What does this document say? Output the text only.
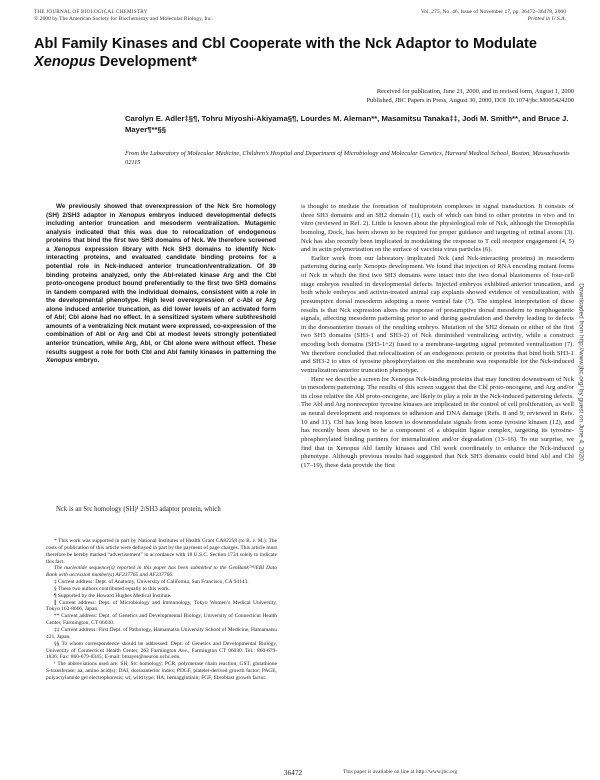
THE JOURNAL OF BIOLOGICAL CHEMISTRY
© 2000 by The American Society for Biochemistry and Molecular Biology, Inc.
Vol. 275, No. 46, Issue of November 17, pp. 36472–36478, 2000
Printed in U.S.A.
Abl Family Kinases and Cbl Cooperate with the Nck Adaptor to Modulate Xenopus Development*
Received for publication, June 21, 2000, and in revised form, August 1, 2000
Published, JBC Papers in Press, August 30, 2000, DOI 10.1074/jbc.M005424200
Carolyn E. Adler‡§¶, Tohru Miyoshi-Akiyama§¶, Lourdes M. Aleman**, Masamitsu Tanaka‡‡, Jodi M. Smith**, and Bruce J. Mayer¶**§§
From the Laboratory of Molecular Medicine, Children’s Hospital and Department of Microbiology and Molecular Genetics, Harvard Medical School, Boston, Massachusetts 02115
We previously showed that overexpression of the Nck Src homology (SH) 2/SH3 adaptor in Xenopus embryos induced developmental defects including anterior truncation and mesoderm ventralization. Mutagenic analysis indicated that this was due to relocalization of endogenous proteins that bind the first two SH3 domains of Nck. We therefore screened a Xenopus expression library with Nck SH3 domains to identify Nck-interacting proteins, and evaluated candidate binding proteins for a potential role in Nck-induced anterior truncation/ventralization. Of 39 binding proteins analyzed, only the Abl-related kinase Arg and the Cbl proto-oncogene product bound preferentially to the first two SH3 domains in tandem compared with the individual domains, consistent with a role in the developmental phenotype. High level overexpression of c-Abl or Arg alone induced anterior truncation, as did lower levels of an activated form of Abl; Cbl alone had no effect. In a sensitized system where subthreshold amounts of a ventralizing Nck mutant were expressed, co-expression of the combination of Abl or Arg and Cbl at modest levels strongly potentiated anterior truncation, while Arg, Abl, or Cbl alone were without effect. These results suggest a role for both Cbl and Abl family kinases in patterning the Xenopus embryo.
Nck is an Src homology (SH)¹ 2/SH3 adaptor protein, which

* This work was supported in part by National Institutes of Health Grant CA82258 (to B. J. M.). The costs of publication of this article were defrayed in part by the payment of page charges. This article must therefore be hereby marked “advertisement” in accordance with 18 U.S.C. Section 1734 solely to indicate this fact.

The nucleotide sequence(s) reported in this paper has been submitted to the GenBank™/EBI Data Bank with accession number(s) AF237765 and AF237766.

‡ Current address: Dept. of Anatomy, University of California, San Francisco, CA 94143.

§ These two authors contributed equally to this work.

¶ Supported by the Howard Hughes Medical Institute.

∥ Current address: Dept. of Microbiology and Immunology, Tokyo Women’s Medical University, Tokyo 162-8666, Japan.

** Current address: Dept. of Genetics and Developmental Biology, University of Connecticut Health Center, Farmington, CT 06030.

‡‡ Current address: First Dept. of Pathology, Hamamatsu University School of Medicine, Hamamatsu 431, Japan.

§§ To whom correspondence should be addressed: Dept. of Genetics and Developmental Biology, University of Connecticut Health Center, 263 Farmington Ave., Farmington CT 06030. Tel.: 860-679-1836; Fax: 860-679-8345; E-mail: bmayer@neuron.uchc.edu.

¹ The abbreviations used are: SH, Src homology; PCR, polymerase chain reaction; GST, glutathione S-transferase; aa, amino acid(s); DAI, dorsoanterior index; PDGF, platelet-derived growth factor; PAGE, polyacrylamide gel electrophoresis; wt, wild type; HA, hemagglutinin; FGF, fibroblast growth factor.

is thought to mediate the formation of multiprotein complexes in signal transduction. It consists of three SH3 domains and an SH2 domain (1), each of which can bind to other proteins in vivo and in vitro (reviewed in Ref. 2). Little is known about the physiological role of Nck, although the Drosophila homolog, Dock, has been shown to be required for proper guidance and targeting of retinal axons (3). Nck has also recently been implicated in modulating the response to T cell receptor engagement (4, 5) and in actin polymerization on the surface of vaccinia virus particles (6).

Earlier work from our laboratory implicated Nck (and Nck-interacting proteins) in mesoderm patterning during early Xenopus development. We found that injection of RNA encoding mutant forms of Nck in which the first two SH3 domains were intact into the two dorsal blastomeres of four-cell stage embryos resulted in developmental defects. Injected embryos exhibited anterior truncation, and both whole embryos and activin-treated animal cap explants showed evidence of ventralization, with presumptive dorsal mesoderm adopting a more ventral fate (7). The simplest interpretation of these results is that Nck expression alters the response of presumptive dorsal mesoderm to morphogenetic signals, affecting mesoderm patterning prior to and during gastrulation and thereby leading to defects in the dorsoanterior tissues of the resulting embryo. Mutation of the SH2 domain or either of the first two SH3 domains (SH3-1 and SH3-2) of Nck diminished ventralizing activity, while a construct encoding both domains (SH3-1+2) fused to a membrane-targeting signal promoted ventralization (7). We therefore concluded that relocalization of an endogenous protein or proteins that bind both SH3-1 and SH3-2 to sites of tyrosine phosphorylation on the membrane was responsible for the Nck-induced ventralization/anterior truncation phenotype.

Here we describe a screen for Xenopus Nck-binding proteins that may function downstream of Nck in mesoderm patterning. The results of this screen suggest that the Cbl proto-oncogene, and Arg and/or its close relative the Abl proto-oncogene, are likely to play a role in the Nck-induced patterning defects. The Abl and Arg nonreceptor tyrosine kinases are implicated in the control of cell proliferation, as well as neural development and responses to adhesion and DNA damage (Refs. 8 and 9; reviewed in Refs. 10 and 11). Cbl has long been known to downmodulate signals from some tyrosine kinases (12), and has recently been shown to be a component of a ubiquitin ligase complex, targeting its tyrosine-phosphorylated binding partners for internalization and/or degradation (13–16). To our surprise, we find that in Xenopus Abl family kinases and Cbl work coordinately to enhance the Nck-induced phenotype. Although previous results had suggested that Nck SH3 domains could bind Abl and Cbl (17–19), these data provide the first

36472	This paper is available on line at http://www.jbc.org
Downloaded from http://www.jbc.org/ by guest on June 4, 2020
